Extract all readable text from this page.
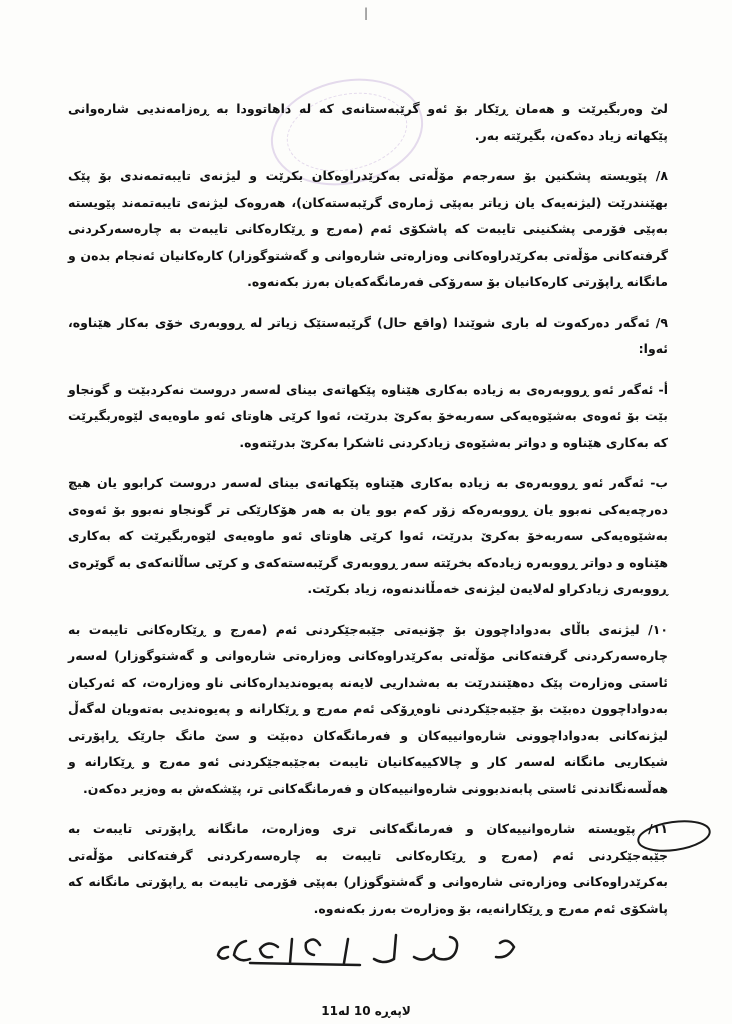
|

لێ وەربگیرێت و هەمان ڕێکار بۆ ئەو گرێبەستانەی کە لە داهاتوودا بە ڕەزامەندیی شارەوانی پێکهاتە زیاد دەکەن، بگیرێتە بەر.

٨/ پێویستە پشکنین بۆ سەرجەم مۆڵەتی بەکرێدراوەکان بکرێت و لیژنەی تایبەتمەندی بۆ پێک بهێنندرێت (لیژنەیەک یان زیاتر بەپێی ژمارەی گرێبەستەکان)، هەروەک لیژنەی تایبەتمەند پێویستە بەپێی فۆرمی پشکنینی تایبەت کە پاشکۆی ئەم (مەرج و ڕێکارەکانی تایبەت بە چارەسەرکردنی گرفتەکانی مۆڵەتی بەکرێدراوەکانی وەزارەتی شارەوانی و گەشتوگوزار) کارەکانیان ئەنجام بدەن و مانگانە ڕاپۆرتی کارەکانیان بۆ سەرۆکی فەرمانگەکەیان بەرز بکەنەوە.

٩/ ئەگەر دەرکەوت لە باری شوێندا (واقع حال) گرێبەستێک زیاتر لە ڕووبەری خۆی بەکار هێناوە، ئەوا:

أ- ئەگەر ئەو ڕووبەرەی بە زیادە بەکاری هێناوە پێکهاتەی بینای لەسەر دروست نەکردبێت و گونجاو بێت بۆ ئەوەی بەشێوەیەکی سەربەخۆ بەکرێ بدرێت، ئەوا کرێی هاوتای ئەو ماوەیەی لێوەربگیرێت کە بەکاری هێناوە و دواتر بەشێوەی زیادکردنی ئاشکرا بەکرێ بدرێتەوە.

ب- ئەگەر ئەو ڕووبەرەی بە زیادە بەکاری هێناوە پێکهاتەی بینای لەسەر دروست کرابوو یان هیچ دەرچەیەکی نەبوو یان ڕووبەرەکە زۆر کەم بوو یان بە هەر هۆکارێکی تر گونجاو نەبوو بۆ ئەوەی بەشێوەیەکی سەربەخۆ بەکرێ بدرێت، ئەوا کرێی هاوتای ئەو ماوەیەی لێوەربگیرێت کە بەکاری هێناوە و دواتر ڕووبەرە زیادەکە بخرێتە سەر ڕووبەری گرێبەستەکەی و کرێی ساڵانەکەی بە گوێرەی ڕووبەری زیادکراو لەلایەن لیژنەی خەمڵاندنەوە، زیاد بکرێت.

١٠/ لیژنەی باڵای بەدواداچوون بۆ چۆنیەتی جێبەجێکردنی ئەم (مەرج و ڕێکارەکانی تایبەت بە چارەسەرکردنی گرفتەکانی مۆڵەتی بەکرێدراوەکانی وەزارەتی شارەوانی و گەشتوگوزار) لەسەر ئاستی وەزارەت پێک دەهێنندرێت بە بەشداریی لایەنە پەیوەندیدارەکانی ناو وەزارەت، کە ئەرکیان بەدواداچوون دەبێت بۆ جێبەجێکردنی ناوەڕۆکی ئەم مەرج و ڕێکارانە و پەیوەندیی بەتەویان لەگەڵ لیژنەکانی بەدواداچوونی شارەوانییەکان و فەرمانگەکان دەبێت و سێ مانگ جارێک ڕاپۆرتی شیکاریی مانگانە لەسەر کار و چالاکییەکانیان تایبەت بەجێبەجێکردنی ئەو مەرج و ڕێکارانە و هەڵسەنگاندنی ئاستی پابەندبوونی شارەوانییەکان و فەرمانگەکانی تر، پێشکەش بە وەزیر دەکەن.

١١/ پێویستە شارەوانییەکان و فەرمانگەکانی تری وەزارەت، مانگانە ڕاپۆرتی تایبەت بە جێبەجێکردنی ئەم (مەرج و ڕێکارەکانی تایبەت بە چارەسەرکردنی گرفتەکانی مۆڵەتی بەکرێدراوەکانی وەزارەتی شارەوانی و گەشتوگوزار) بەپێی فۆرمی تایبەت بە ڕاپۆرتی مانگانە کە پاشکۆی ئەم مەرج و ڕێکارانەیە، بۆ وەزارەت بەرز بکەنەوە.

لاپەڕە 10 لە11
